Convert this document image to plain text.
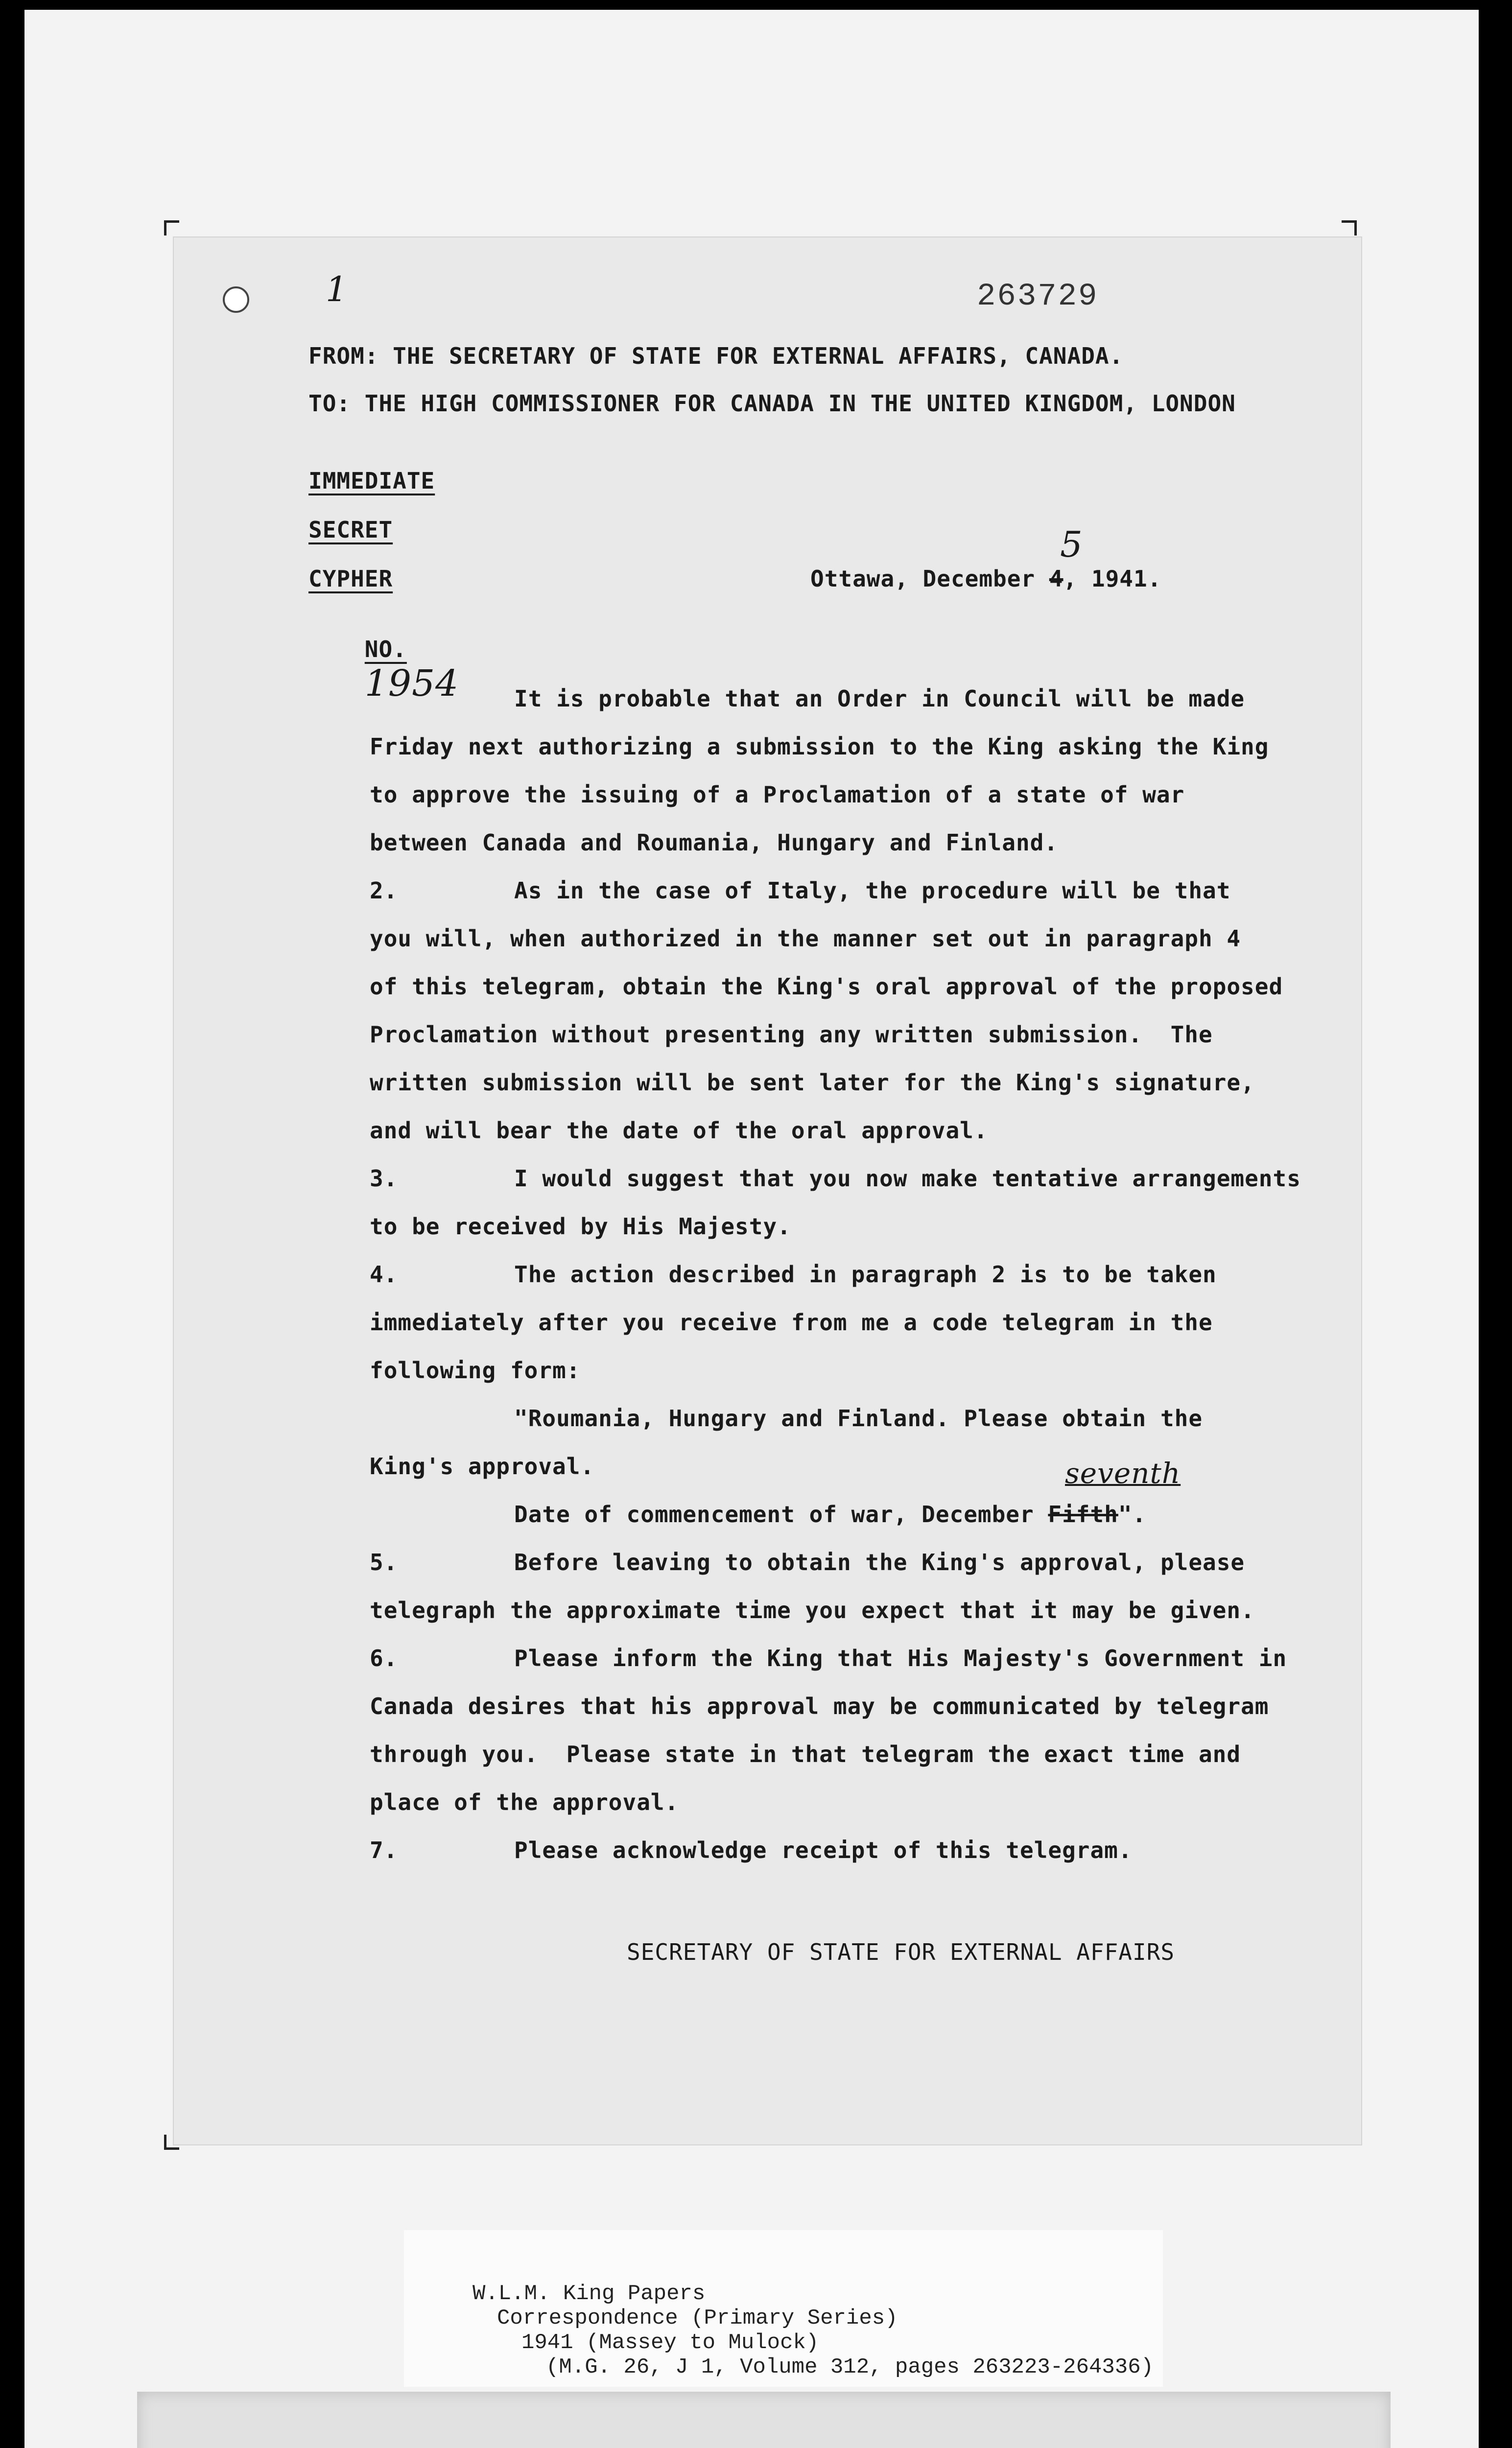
1	263729
FROM: THE SECRETARY OF STATE FOR EXTERNAL AFFAIRS, CANADA.
TO: THE HIGH COMMISSIONER FOR CANADA IN THE UNITED KINGDOM, LONDON
IMMEDIATE
SECRET
CYPHER

NO.
1954

Ottawa, December 4, 1941.
5
It is probable that an Order in Council will be made
Friday next authorizing a submission to the King asking the King
to approve the issuing of a Proclamation of a state of war
between Canada and Roumania, Hungary and Finland.
2.	As in the case of Italy, the procedure will be that
you will, when authorized in the manner set out in paragraph 4
of this telegram, obtain the King's oral approval of the proposed
Proclamation without presenting any written submission.  The
written submission will be sent later for the King's signature,
and will bear the date of the oral approval.
3.	I would suggest that you now make tentative arrangements
to be received by His Majesty.
4.	The action described in paragraph 2 is to be taken
immediately after you receive from me a code telegram in the
following form:
"Roumania, Hungary and Finland. Please obtain the
King's approval.
Date of commencement of war, December Fifth".
seventh
5.	Before leaving to obtain the King's approval, please
telegraph the approximate time you expect that it may be given.
6.	Please inform the King that His Majesty's Government in
Canada desires that his approval may be communicated by telegram
through you.  Please state in that telegram the exact time and
place of the approval.
7.	Please acknowledge receipt of this telegram.
SECRETARY OF STATE FOR EXTERNAL AFFAIRS
W.L.M. King Papers
Correspondence (Primary Series)
1941 (Massey to Mulock)
(M.G. 26, J 1, Volume 312, pages 263223-264336)
